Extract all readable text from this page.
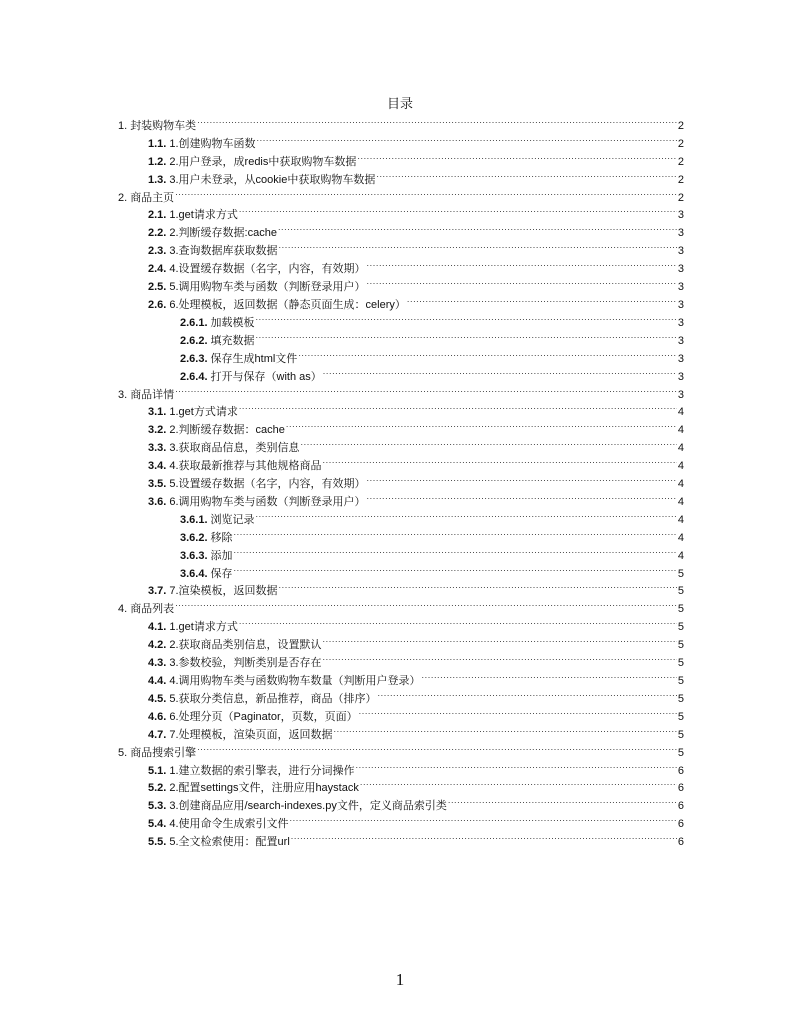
目录
1. 封装购物车类 .....	2
1.1. 1.创建购物车函数 .....	2
1.2. 2.用户登录，成redis中获取购物车数据 .....	2
1.3. 3.用户未登录，从cookie中获取购物车数据 .....	2
2. 商品主页 .....	2
2.1. 1.get请求方式 .....	3
2.2. 2.判断缓存数据:cache .....	3
2.3. 3.查询数据库获取数据 .....	3
2.4. 4.设置缓存数据（名字，内容，有效期） .....	3
2.5. 5.调用购物车类与函数（判断登录用户） .....	3
2.6. 6.处理模板，返回数据（静态页面生成：celery） .....	3
2.6.1. 加载模板 .....	3
2.6.2. 填充数据 .....	3
2.6.3. 保存生成html文件 .....	3
2.6.4. 打开与保存（with as） .....	3
3. 商品详情 .....	3
3.1. 1.get方式请求 .....	4
3.2. 2.判断缓存数据：cache .....	4
3.3. 3.获取商品信息，类别信息 .....	4
3.4. 4.获取最新推荐与其他规格商品 .....	4
3.5. 5.设置缓存数据（名字，内容，有效期） .....	4
3.6. 6.调用购物车类与函数（判断登录用户） .....	4
3.6.1. 浏览记录 .....	4
3.6.2. 移除 .....	4
3.6.3. 添加 .....	4
3.6.4. 保存 .....	5
3.7. 7.渲染模板，返回数据 .....	5
4. 商品列表 .....	5
4.1. 1.get请求方式 .....	5
4.2. 2.获取商品类别信息，设置默认 .....	5
4.3. 3.参数校验，判断类别是否存在 .....	5
4.4. 4.调用购物车类与函数购物车数量（判断用户登录） .....	5
4.5. 5.获取分类信息，新品推荐，商品（排序） .....	5
4.6. 6.处理分页（Paginator，页数，页面） .....	5
4.7. 7.处理模板，渲染页面，返回数据 .....	5
5. 商品搜索引擎 .....	5
5.1. 1.建立数据的索引擎表，进行分词操作 .....	6
5.2. 2.配置settings文件，注册应用haystack .....	6
5.3. 3.创建商品应用/search-indexes.py文件，定义商品索引类 .....	6
5.4. 4.使用命令生成索引文件 .....	6
5.5. 5.全文检索使用：配置url .....	6
1
